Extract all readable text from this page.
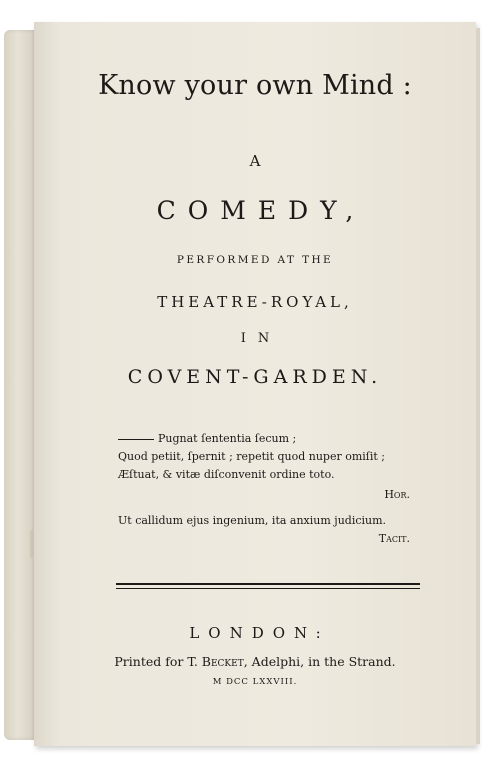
Know your own Mind :
A
COMEDY,
PERFORMED AT THE
THEATRE-ROYAL,
IN
COVENT-GARDEN.
Pugnat ſententia ſecum ;
Quod petiit, ſpernit ; repetit quod nuper omiſit ;
Æſtuat, & vitæ diſconvenit ordine toto.
Hor.
Ut callidum ejus ingenium, ita anxium judicium.
Tacit.
LONDON:
Printed for T. Becket, Adelphi, in the Strand.
M DCC LXXVIII.
